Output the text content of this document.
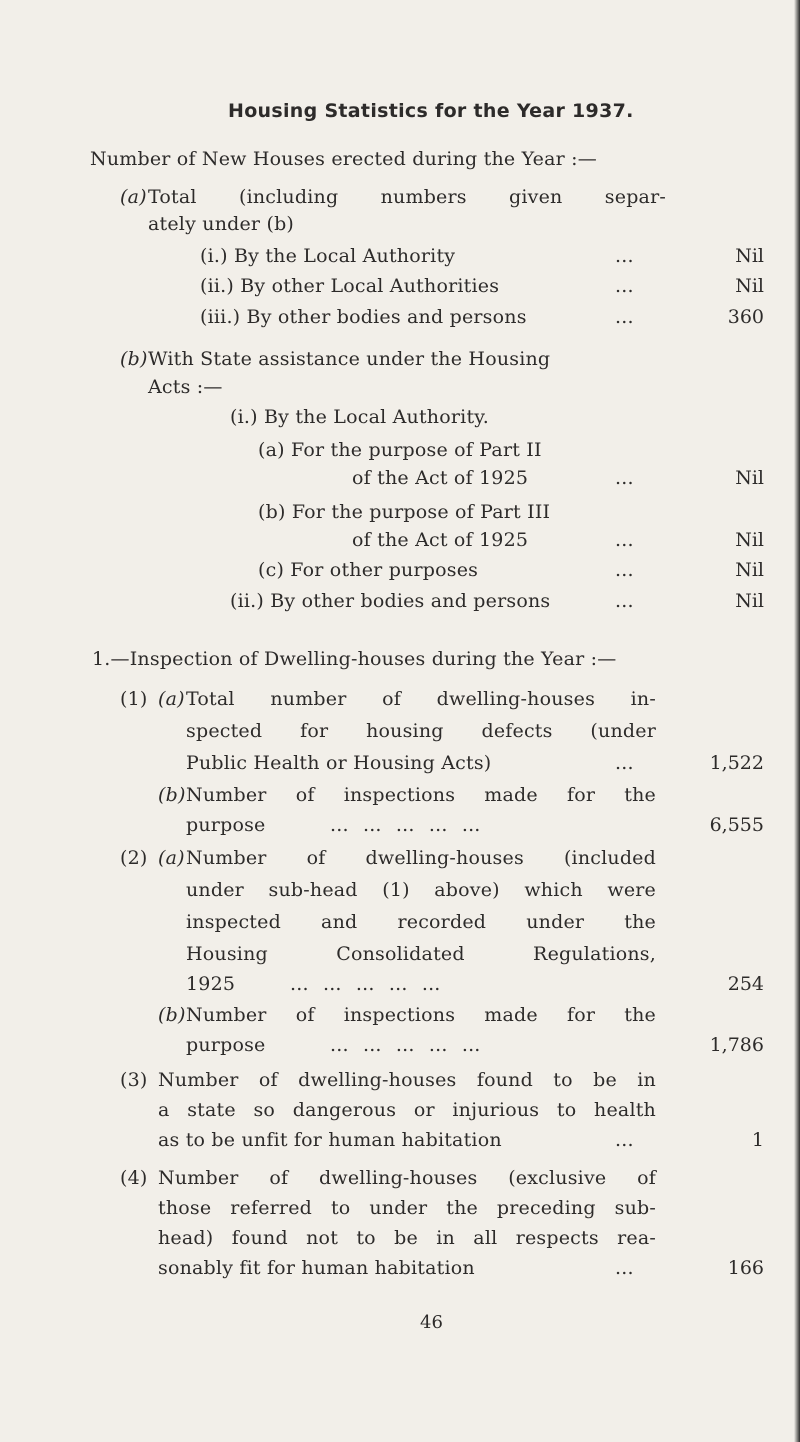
Housing Statistics for the Year 1937.
Number of New Houses erected during the Year :—
(a) Total (including numbers given separ-
ately under (b)
(i.) By the Local Authority	...	Nil
(ii.) By other Local Authorities	...	Nil
(iii.) By other bodies and persons	...	360
(b) With State assistance under the Housing
Acts :—
(i.) By the Local Authority.
(a) For the purpose of Part II
of the Act of 1925	...	Nil
(b) For the purpose of Part III
of the Act of 1925	...	Nil
(c) For other purposes	...	Nil
(ii.) By other bodies and persons	...	Nil
1.—Inspection of Dwelling-houses during the Year :—
(1) (a) Total number of dwelling-houses in-
spected for housing defects (under
Public Health or Housing Acts)	...	1,522
(b) Number of inspections made for the
purpose	... ... ... ... ...	6,555
(2) (a) Number of dwelling-houses (included
under sub-head (1) above) which were
inspected and recorded under the
Housing Consolidated Regulations,
1925	... ... ... ... ...	254
(b) Number of inspections made for the
purpose	... ... ... ... ...	1,786
(3) Number of dwelling-houses found to be in
a state so dangerous or injurious to health
as to be unfit for human habitation	...	1
(4) Number of dwelling-houses (exclusive of
those referred to under the preceding sub-
head) found not to be in all respects rea-
sonably fit for human habitation	...	166
46
